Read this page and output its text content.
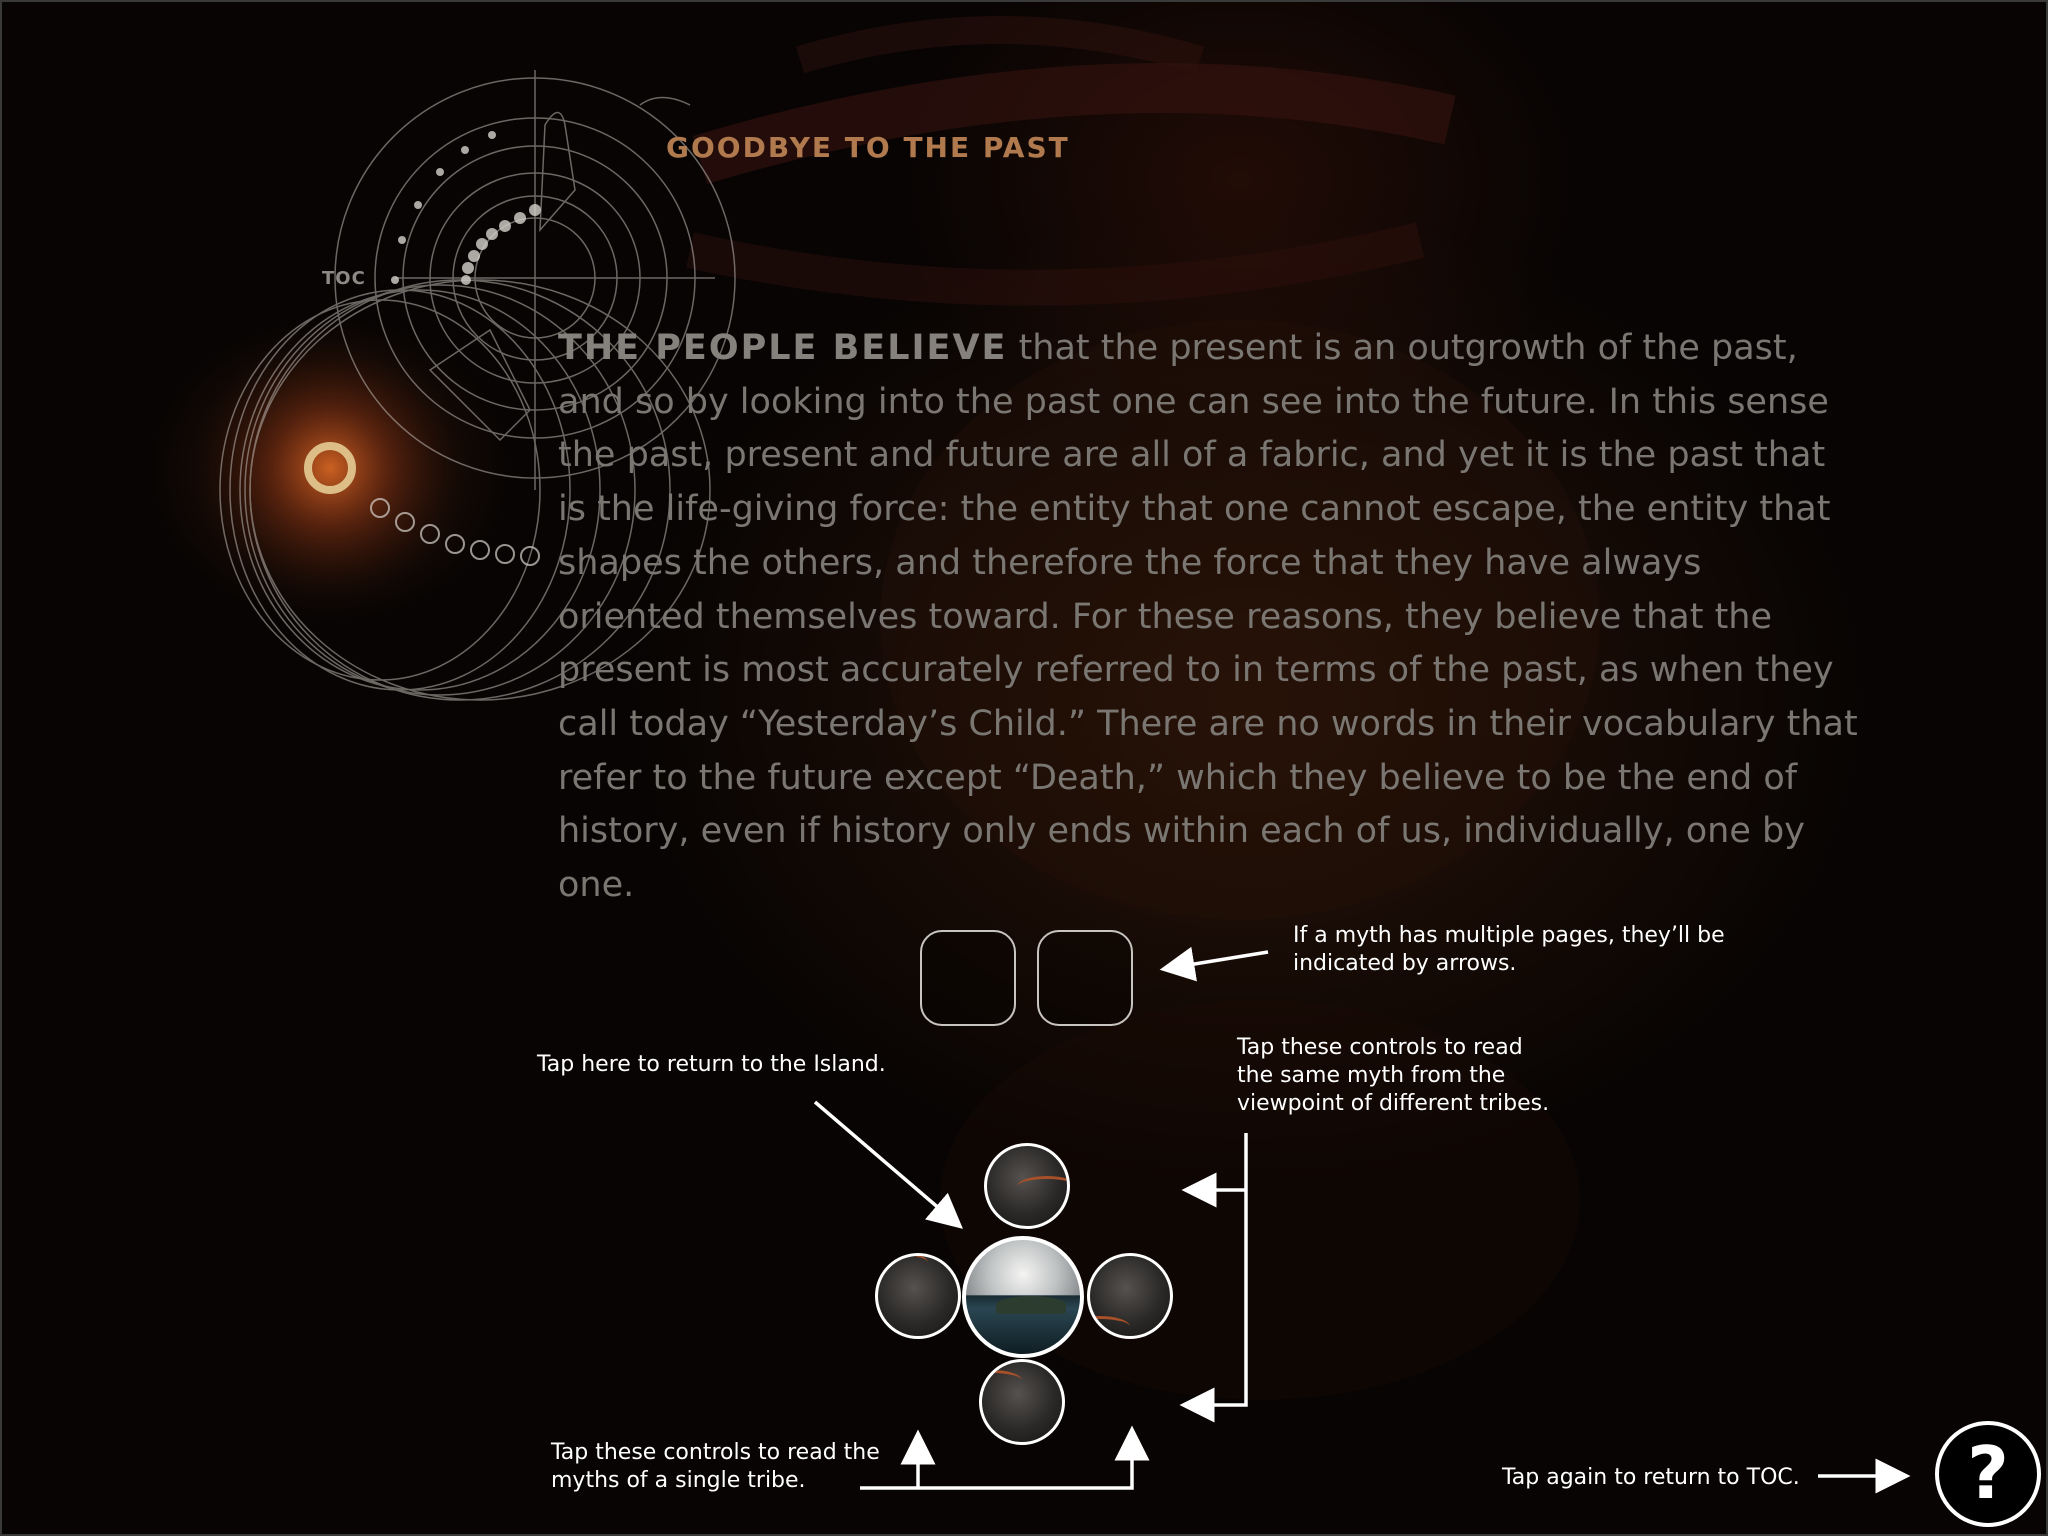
GOODBYE TO THE PAST
TOC

THE PEOPLE BELIEVE that the present is an outgrowth of the past, and so by looking into the past one can see into the future. In this sense the past, present and future are all of a fabric, and yet it is the past that is the life-giving force: the entity that one cannot escape, the entity that shapes the others, and therefore the force that they have always oriented themselves toward. For these reasons, they believe that the present is most accurately referred to in terms of the past, as when they call today “Yesterday’s Child.” There are no words in their vocabulary that refer to the future except “Death,” which they believe to be the end of history, even if history only ends within each of us, individually, one by one.

If a myth has multiple pages, they’ll be indicated by arrows.

Tap here to return to the Island.

Tap these controls to read the same myth from the viewpoint of different tribes.

Tap these controls to read the myths of a single tribe.	Tap again to return to TOC.	?
